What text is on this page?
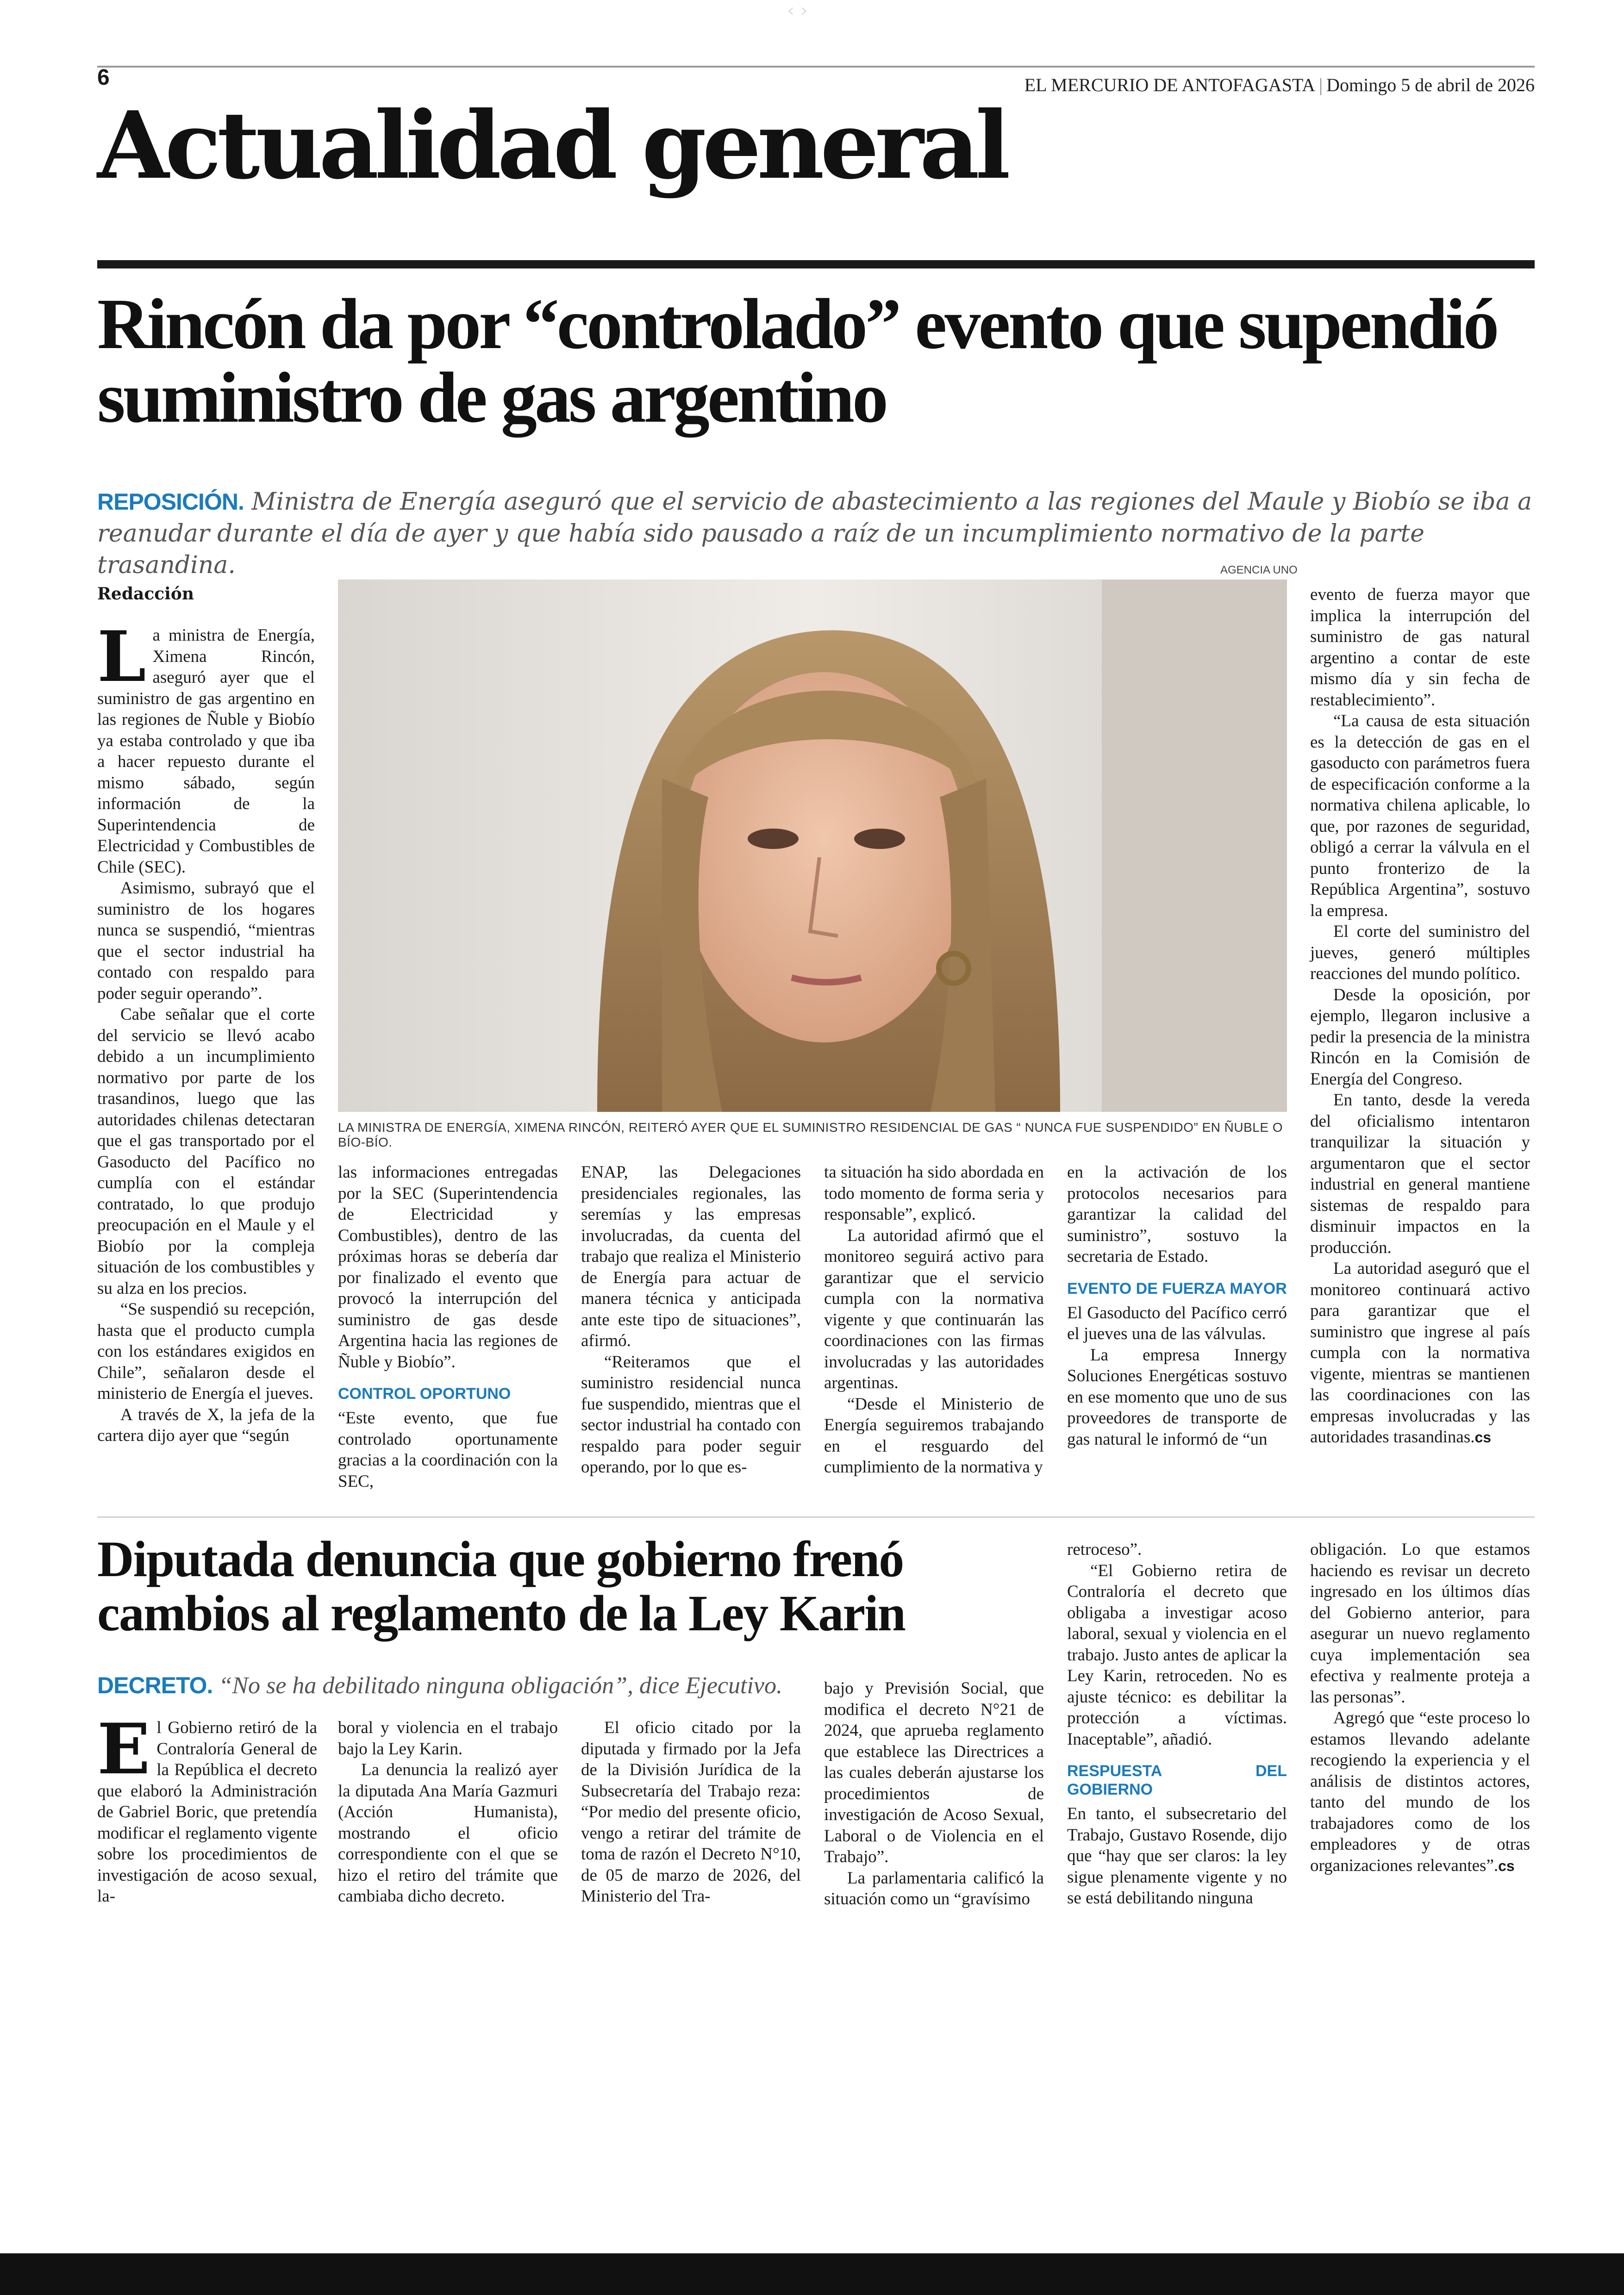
‹ ›
6	EL MERCURIO DE ANTOFAGASTA | Domingo 5 de abril de 2026
Actualidad general
Rincón da por “controlado” evento que supendió suministro de gas argentino
REPOSICIÓN. Ministra de Energía aseguró que el servicio de abastecimiento a las regiones del Maule y Biobío se iba a reanudar durante el día de ayer y que había sido pausado a raíz de un incumplimiento normativo de la parte trasandina.	AGENCIA UNO
LA MINISTRA DE ENERGÍA, XIMENA RINCÓN, REITERÓ AYER QUE EL SUMINISTRO RESIDENCIAL DE GAS “ NUNCA FUE SUSPENDIDO” EN ÑUBLE O BÍO-BÍO.
Redacción
L a ministra de Energía, Ximena Rincón, aseguró ayer que el suministro de gas argentino en las regiones de Ñuble y Biobío ya estaba controlado y que iba a hacer repuesto durante el mismo sábado, según información de la Superintendencia de Electricidad y Combustibles de Chile (SEC).

Asimismo, subrayó que el suministro de los hogares nunca se suspendió, “mientras que el sector industrial ha contado con respaldo para poder seguir operando”.

Cabe señalar que el corte del servicio se llevó acabo debido a un incumplimiento normativo por parte de los trasandinos, luego que las autoridades chilenas detectaran que el gas transportado por el Gasoducto del Pacífico no cumplía con el estándar contratado, lo que produjo preocupación en el Maule y el Biobío por la compleja situación de los combustibles y su alza en los precios.

“Se suspendió su recepción, hasta que el producto cumpla con los estándares exigidos en Chile”, señalaron desde el ministerio de Energía el jueves.

A través de X, la jefa de la cartera dijo ayer que “según

las informaciones entregadas por la SEC (Superintendencia de Electricidad y Combustibles), dentro de las próximas horas se debería dar por finalizado el evento que provocó la interrupción del suministro de gas desde Argentina hacia las regiones de Ñuble y Biobío”.

CONTROL OPORTUNO

“Este evento, que fue controlado oportunamente gracias a la coordinación con la SEC,

ENAP, las Delegaciones presidenciales regionales, las seremías y las empresas involucradas, da cuenta del trabajo que realiza el Ministerio de Energía para actuar de manera técnica y anticipada ante este tipo de situaciones”, afirmó.

“Reiteramos que el suministro residencial nunca fue suspendido, mientras que el sector industrial ha contado con respaldo para poder seguir operando, por lo que es-

ta situación ha sido abordada en todo momento de forma seria y responsable”, explicó.

La autoridad afirmó que el monitoreo seguirá activo para garantizar que el servicio cumpla con la normativa vigente y que continuarán las coordinaciones con las firmas involucradas y las autoridades argentinas.

“Desde el Ministerio de Energía seguiremos trabajando en el resguardo del cumplimiento de la normativa y

en la activación de los protocolos necesarios para garantizar la calidad del suministro”, sostuvo la secretaria de Estado.

EVENTO DE FUERZA MAYOR

El Gasoducto del Pacífico cerró el jueves una de las válvulas.

La empresa Innergy Soluciones Energéticas sostuvo en ese momento que uno de sus proveedores de transporte de gas natural le informó de “un

evento de fuerza mayor que implica la interrupción del suministro de gas natural argentino a contar de este mismo día y sin fecha de restablecimiento”.

“La causa de esta situación es la detección de gas en el gasoducto con parámetros fuera de especificación conforme a la normativa chilena aplicable, lo que, por razones de seguridad, obligó a cerrar la válvula en el punto fronterizo de la República Argentina”, sostuvo la empresa.

El corte del suministro del jueves, generó múltiples reacciones del mundo político.

Desde la oposición, por ejemplo, llegaron inclusive a pedir la presencia de la ministra Rincón en la Comisión de Energía del Congreso.

En tanto, desde la vereda del oficialismo intentaron tranquilizar la situación y argumentaron que el sector industrial en general mantiene sistemas de respaldo para disminuir impactos en la producción.

La autoridad aseguró que el monitoreo continuará activo para garantizar que el suministro que ingrese al país cumpla con la normativa vigente, mientras se mantienen las coordinaciones con las empresas involucradas y las autoridades trasandinas.cs

Diputada denuncia que gobierno frenó cambios al reglamento de la Ley Karin
DECRETO. “No se ha debilitado ninguna obligación”, dice Ejecutivo.
E l Gobierno retiró de la Contraloría General de la República el decreto que elaboró la Administración de Gabriel Boric, que pretendía modificar el reglamento vigente sobre los procedimientos de investigación de acoso sexual, la-

boral y violencia en el trabajo bajo la Ley Karin.

La denuncia la realizó ayer la diputada Ana María Gazmuri (Acción Humanista), mostrando el oficio correspondiente con el que se hizo el retiro del trámite que cambiaba dicho decreto.

El oficio citado por la diputada y firmado por la Jefa de la División Jurídica de la Subsecretaría del Trabajo reza: “Por medio del presente oficio, vengo a retirar del trámite de toma de razón el Decreto N°10, de 05 de marzo de 2026, del Ministerio del Tra-

bajo y Previsión Social, que modifica el decreto N°21 de 2024, que aprueba reglamento que establece las Directrices a las cuales deberán ajustarse los procedimientos de investigación de Acoso Sexual, Laboral o de Violencia en el Trabajo”.

La parlamentaria calificó la situación como un “gravísimo

retroceso”.

“El Gobierno retira de Contraloría el decreto que obligaba a investigar acoso laboral, sexual y violencia en el trabajo. Justo antes de aplicar la Ley Karin, retroceden. No es ajuste técnico: es debilitar la protección a víctimas. Inaceptable”, añadió.

RESPUESTA DEL GOBIERNO

En tanto, el subsecretario del Trabajo, Gustavo Rosende, dijo que “hay que ser claros: la ley sigue plenamente vigente y no se está debilitando ninguna

obligación. Lo que estamos haciendo es revisar un decreto ingresado en los últimos días del Gobierno anterior, para asegurar un nuevo reglamento cuya implementación sea efectiva y realmente proteja a las personas”.

Agregó que “este proceso lo estamos llevando adelante recogiendo la experiencia y el análisis de distintos actores, tanto del mundo de los trabajadores como de los empleadores y de otras organizaciones relevantes”.cs
